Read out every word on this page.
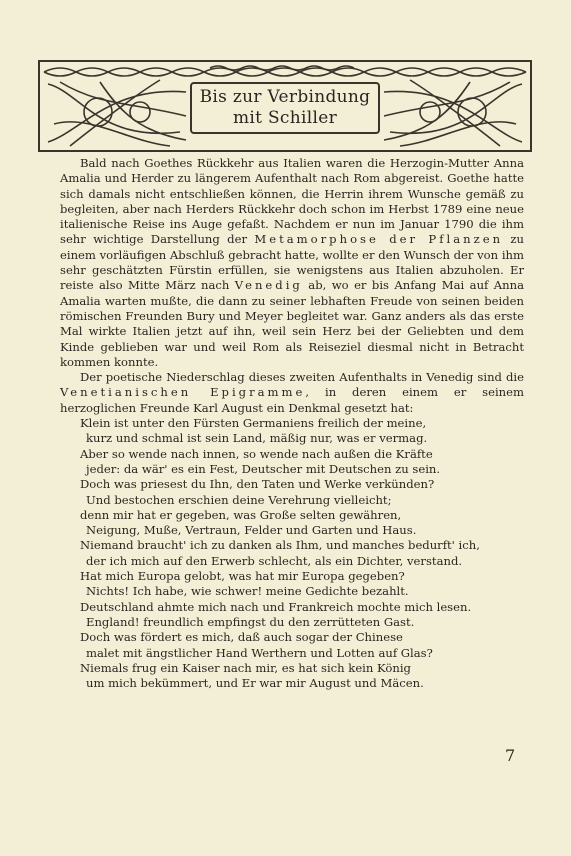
Bis zur Verbindung
mit Schiller

Bald nach Goethes Rückkehr aus Italien waren die Herzogin-Mutter Anna Amalia und Herder zu längerem Aufenthalt nach Rom abgereist. Goethe hatte sich damals nicht entschließen können, die Herrin ihrem Wunsche gemäß zu begleiten, aber nach Herders Rückkehr doch schon im Herbst 1789 eine neue italienische Reise ins Auge gefaßt. Nachdem er nun im Januar 1790 die ihm sehr wichtige Darstellung der Metamorphose der Pflanzen zu einem vorläufigen Abschluß gebracht hatte, wollte er den Wunsch der von ihm sehr geschätzten Fürstin erfüllen, sie wenigstens aus Italien abzuholen. Er reiste also Mitte März nach Venedig ab, wo er bis Anfang Mai auf Anna Amalia warten mußte, die dann zu seiner lebhaften Freude von seinen beiden römischen Freunden Bury und Meyer begleitet war. Ganz anders als das erste Mal wirkte Italien jetzt auf ihn, weil sein Herz bei der Geliebten und dem Kinde geblieben war und weil Rom als Reiseziel diesmal nicht in Betracht kommen konnte.

Der poetische Niederschlag dieses zweiten Aufenthalts in Venedig sind die Venetianischen Epigramme, in deren einem er seinem herzoglichen Freunde Karl August ein Denkmal gesetzt hat:

Klein ist unter den Fürsten Germaniens freilich der meine,
kurz und schmal ist sein Land, mäßig nur, was er vermag.
Aber so wende nach innen, so wende nach außen die Kräfte
jeder: da wär' es ein Fest, Deutscher mit Deutschen zu sein.
Doch was priesest du Ihn, den Taten und Werke verkünden?
Und bestochen erschien deine Verehrung vielleicht;
denn mir hat er gegeben, was Große selten gewähren,
Neigung, Muße, Vertraun, Felder und Garten und Haus.
Niemand braucht' ich zu danken als Ihm, und manches bedurft' ich,
der ich mich auf den Erwerb schlecht, als ein Dichter, verstand.
Hat mich Europa gelobt, was hat mir Europa gegeben?
Nichts! Ich habe, wie schwer! meine Gedichte bezahlt.
Deutschland ahmte mich nach und Frankreich mochte mich lesen.
England! freundlich empfingst du den zerrütteten Gast.
Doch was fördert es mich, daß auch sogar der Chinese
malet mit ängstlicher Hand Werthern und Lotten auf Glas?
Niemals frug ein Kaiser nach mir, es hat sich kein König
um mich bekümmert, und Er war mir August und Mäcen.
7
